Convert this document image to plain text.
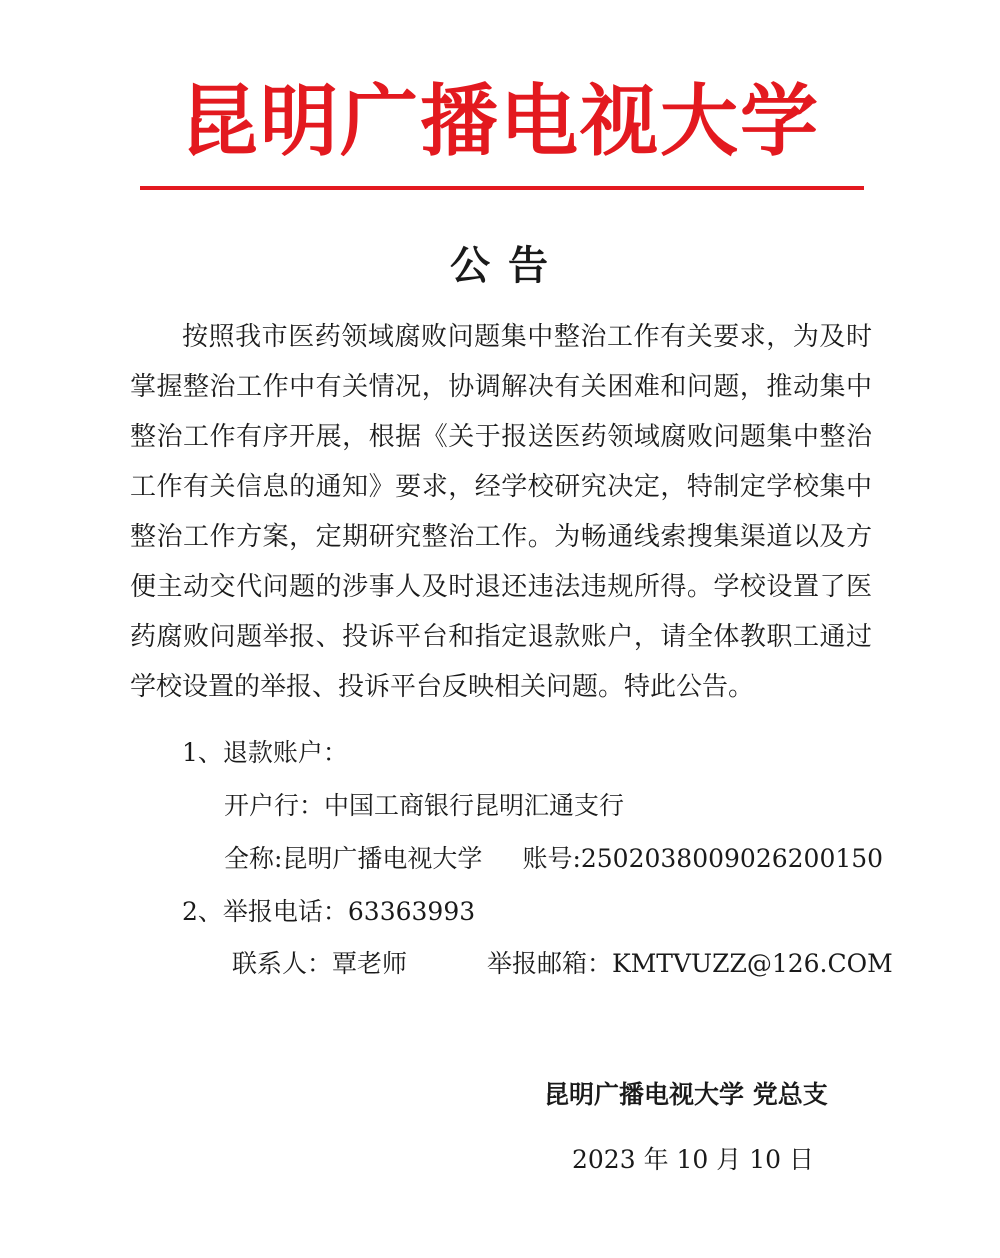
昆明广播电视大学
公 告

按照我市医药领域腐败问题集中整治工作有关要求，为及时掌握整治工作中有关情况，协调解决有关困难和问题，推动集中整治工作有序开展，根据《关于报送医药领域腐败问题集中整治工作有关信息的通知》要求，经学校研究决定，特制定学校集中整治工作方案，定期研究整治工作。为畅通线索搜集渠道以及方便主动交代问题的涉事人及时退还违法违规所得。学校设置了医药腐败问题举报、投诉平台和指定退款账户，请全体教职工通过学校设置的举报、投诉平台反映相关问题。特此公告。

1、退款账户：
开户行：中国工商银行昆明汇通支行
全称:昆明广播电视大学 账号:2502038009026200150
2、举报电话：63363993
联系人：覃老师	举报邮箱：KMTVUZZ@126.COM
昆明广播电视大学 党总支
2023 年 10 月 10 日
